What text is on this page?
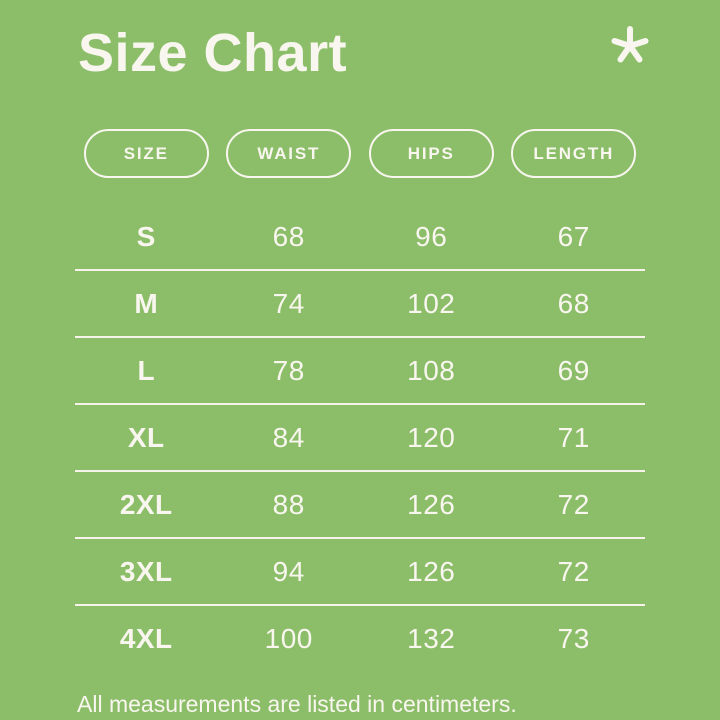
Size Chart
SIZE	WAIST	HIPS	LENGTH
S	68	96	67
M	74	102	68
L	78	108	69
XL	84	120	71
2XL	88	126	72
3XL	94	126	72
4XL	100	132	73
All measurements are listed in centimeters.
